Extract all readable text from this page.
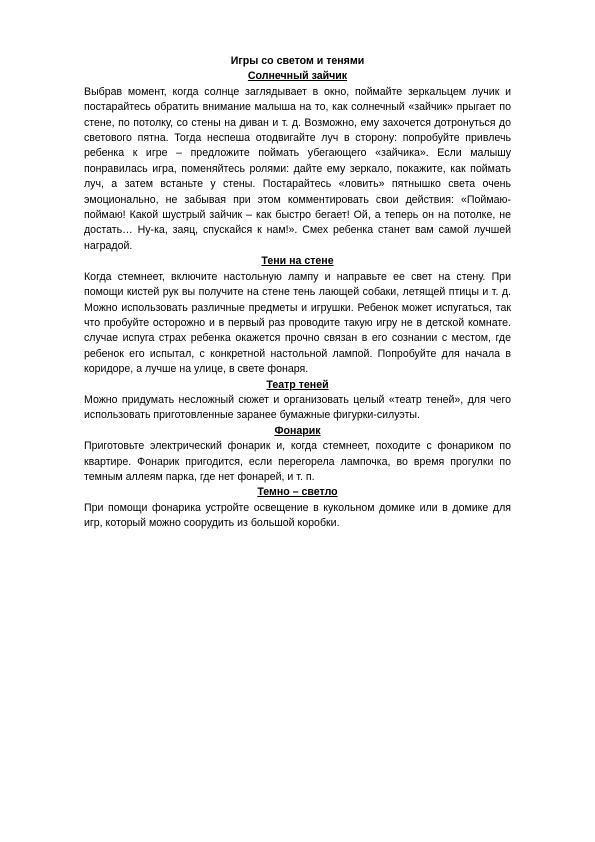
Игры со светом и тенями
Солнечный зайчик

Выбрав момент, когда солнце заглядывает в окно, поймайте зеркальцем лучик и постарайтесь обратить внимание малыша на то, как солнечный «зайчик» прыгает по стене, по потолку, со стены на диван и т. д. Возможно, ему захочется дотронуться до светового пятна. Тогда неспеша отодвигайте луч в сторону: попробуйте привлечь ребенка к игре – предложите поймать убегающего «зайчика». Если малышу понравилась игра, поменяйтесь ролями: дайте ему зеркало, покажите, как поймать луч, а затем встаньте у стены. Постарайтесь «ловить» пятнышко света очень эмоционально, не забывая при этом комментировать свои действия: «Поймаю-поймаю! Какой шустрый зайчик – как быстро бегает! Ой, а теперь он на потолке, не достать… Ну-ка, заяц, спускайся к нам!». Смех ребенка станет вам самой лучшей наградой.

Тени на стене

Когда стемнеет, включите настольную лампу и направьте ее свет на стену. При помощи кистей рук вы получите на стене тень лающей собаки, летящей птицы и т. д. Можно использовать различные предметы и игрушки. Ребенок может испугаться, так что пробуйте осторожно и в первый раз проводите такую игру не в детской комнате. случае испуга страх ребенка окажется прочно связан в его сознании с местом, где ребенок его испытал, с конкретной настольной лампой. Попробуйте для начала в коридоре, а лучше на улице, в свете фонаря.

Театр теней

Можно придумать несложный сюжет и организовать целый «театр теней», для чего использовать приготовленные заранее бумажные фигурки-силуэты.

Фонарик

Приготовьте электрический фонарик и, когда стемнеет, походите с фонариком по квартире. Фонарик пригодится, если перегорела лампочка, во время прогулки по темным аллеям парка, где нет фонарей, и т. п.

Темно – светло

При помощи фонарика устройте освещение в кукольном домике или в домике для игр, который можно соорудить из большой коробки.
